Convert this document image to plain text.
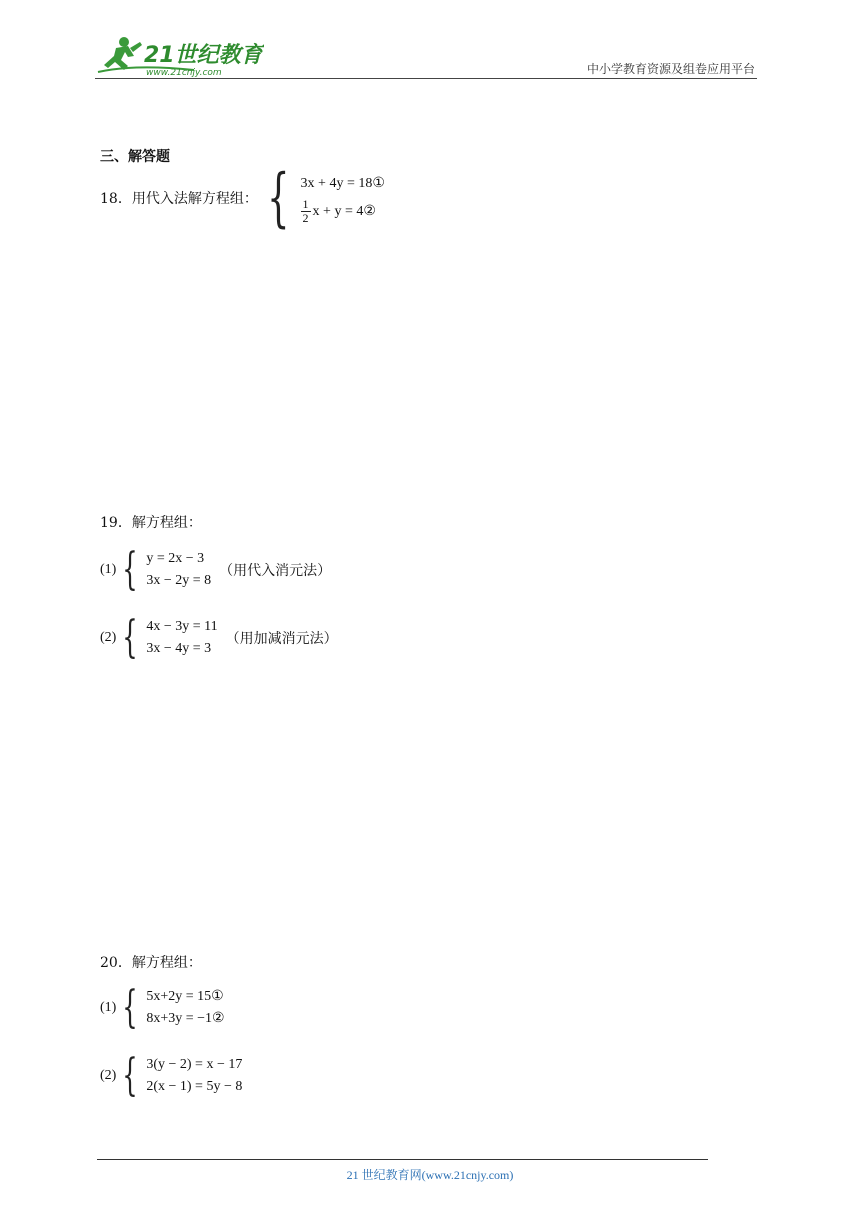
21世纪教育
www.21cnjy.com	中小学教育资源及组卷应用平台
三、解答题
18．用代入法解方程组： { 3x + 4y = 18①
$\frac{1}{2}$ x + y = 4②
19．解方程组：
(1) { y = 2x − 3
3x − 2y = 8
（用代入消元法）
(2) { 4x − 3y = 11
3x − 4y = 3
（用加减消元法）
20．解方程组：
(1) { 5x+2y = 15①
8x+3y = −1②
(2) { 3(y − 2) = x − 17
2(x − 1) = 5y − 8
21 世纪教育网(www.21cnjy.com)
